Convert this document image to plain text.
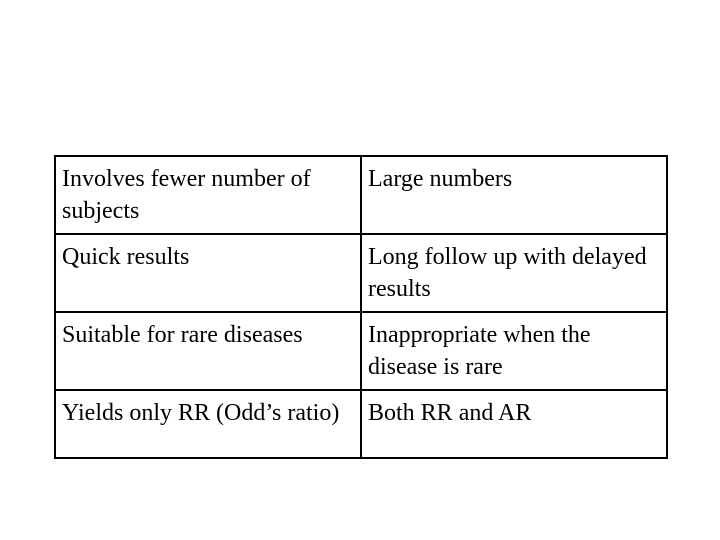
Involves fewer number of subjects	Large numbers
Quick results	Long follow up with delayed results
Suitable for rare diseases	Inappropriate when the disease is rare
Yields only RR (Odd’s ratio)	Both RR and AR
